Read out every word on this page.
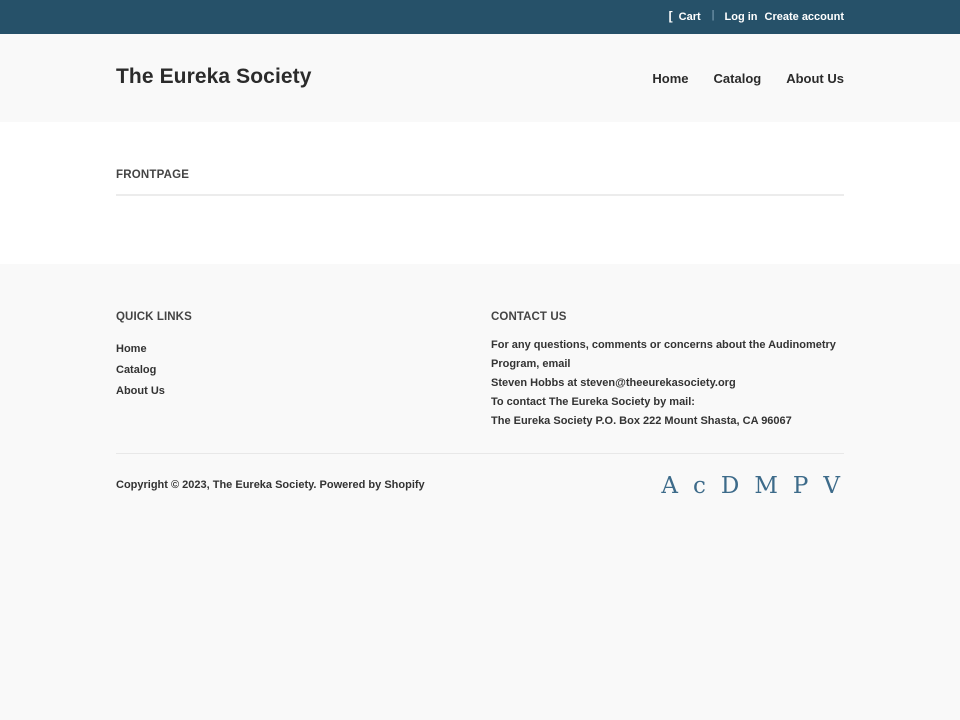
[ Cart | Log in Create account
The Eureka Society	Home Catalog About Us
FRONTPAGE
QUICK LINKS
Home
Catalog
About Us
CONTACT US

For any questions, comments or concerns about the Audinometry Program, email

Steven Hobbs at steven@theeurekasociety.org

To contact The Eureka Society by mail:

The Eureka Society P.O. Box 222 Mount Shasta, CA 96067

Copyright © 2023, The Eureka Society. Powered by Shopify	A c D M P V
